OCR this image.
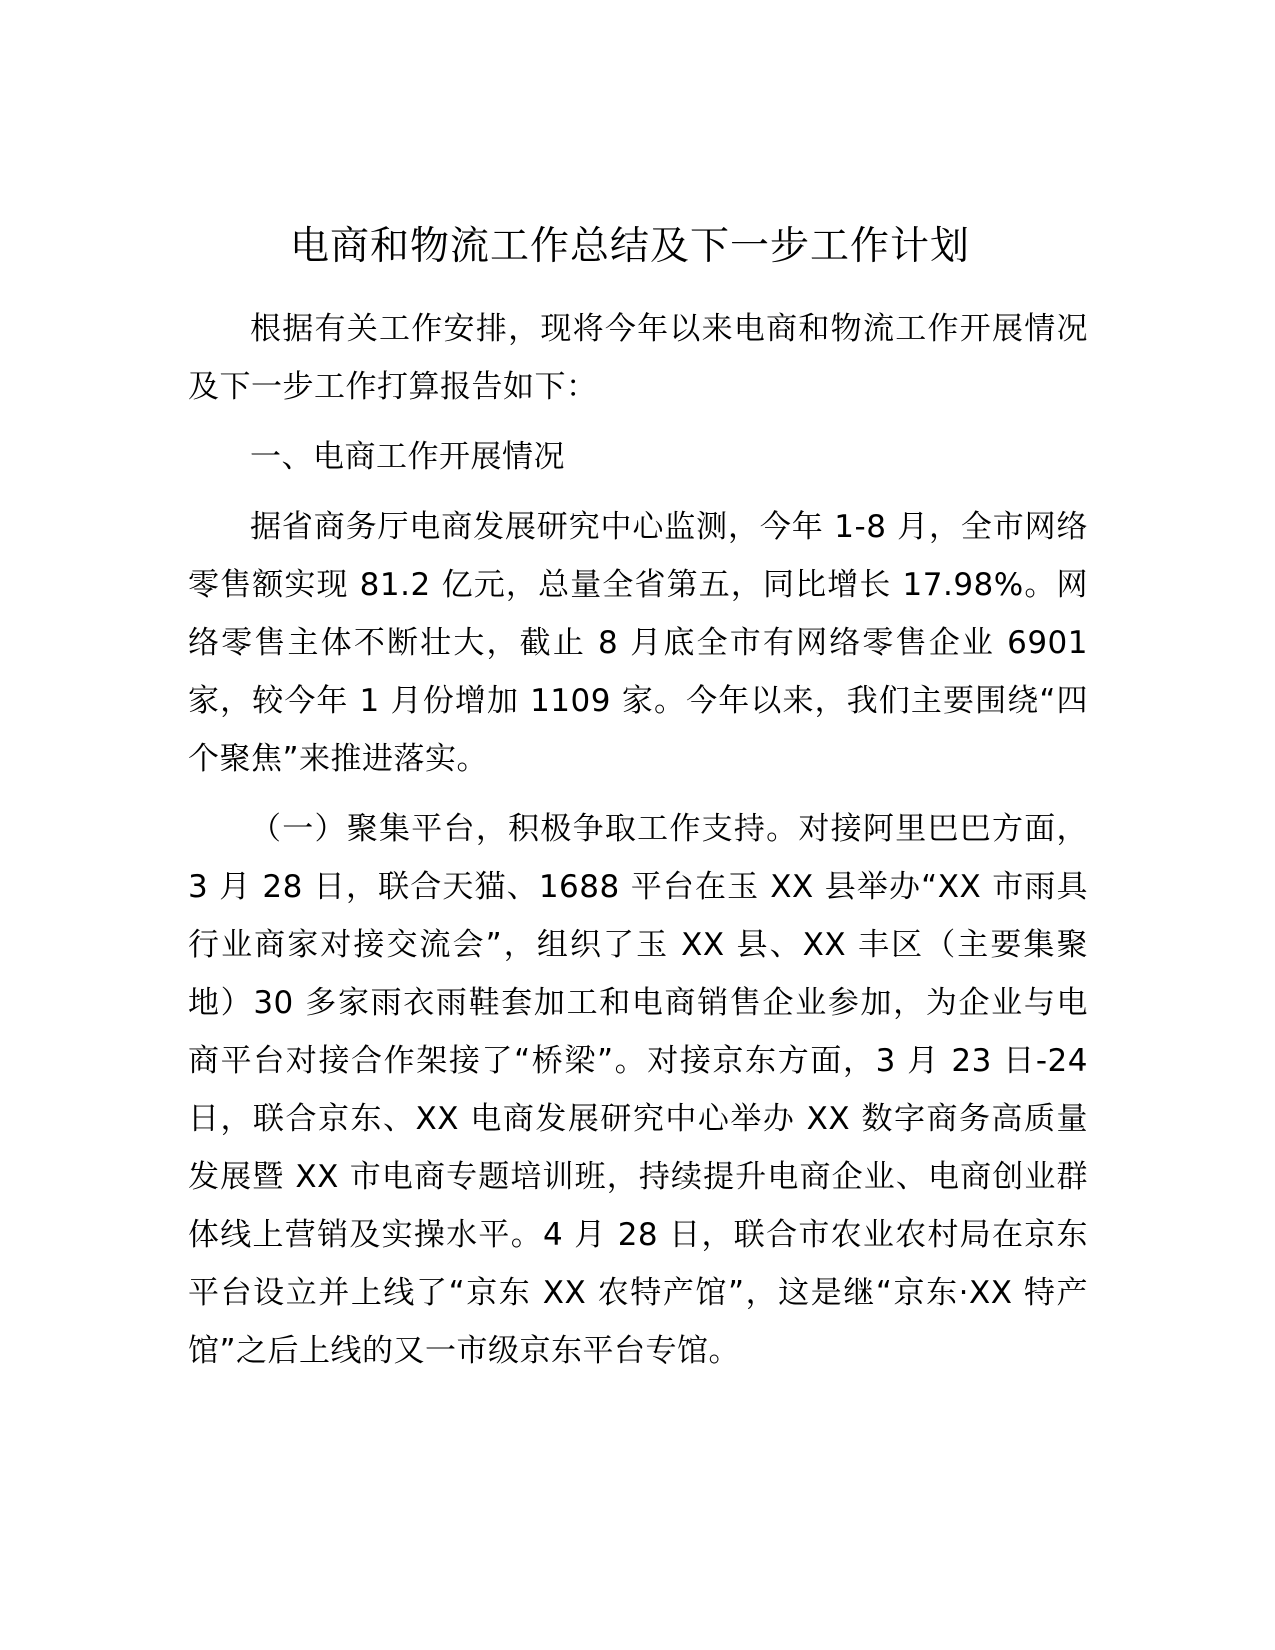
电商和物流工作总结及下一步工作计划

根据有关工作安排，现将今年以来电商和物流工作开展情况及下一步工作打算报告如下：

一、电商工作开展情况

据省商务厅电商发展研究中心监测，今年 1-8 月，全市网络零售额实现 81.2 亿元，总量全省第五，同比增长 17.98%。网络零售主体不断壮大，截止 8 月底全市有网络零售企业 6901 家，较今年 1 月份增加 1109 家。今年以来，我们主要围绕“四个聚焦”来推进落实。

（一）聚集平台，积极争取工作支持。对接阿里巴巴方面，3 月 28 日，联合天猫、1688 平台在玉 XX 县举办“XX 市雨具行业商家对接交流会”，组织了玉 XX 县、XX 丰区（主要集聚地）30 多家雨衣雨鞋套加工和电商销售企业参加，为企业与电商平台对接合作架接了“桥梁”。对接京东方面，3 月 23 日-24 日，联合京东、XX 电商发展研究中心举办 XX 数字商务高质量发展暨 XX 市电商专题培训班，持续提升电商企业、电商创业群体线上营销及实操水平。4 月 28 日，联合市农业农村局在京东平台设立并上线了“京东 XX 农特产馆”，这是继“京东·XX 特产馆”之后上线的又一市级京东平台专馆。
